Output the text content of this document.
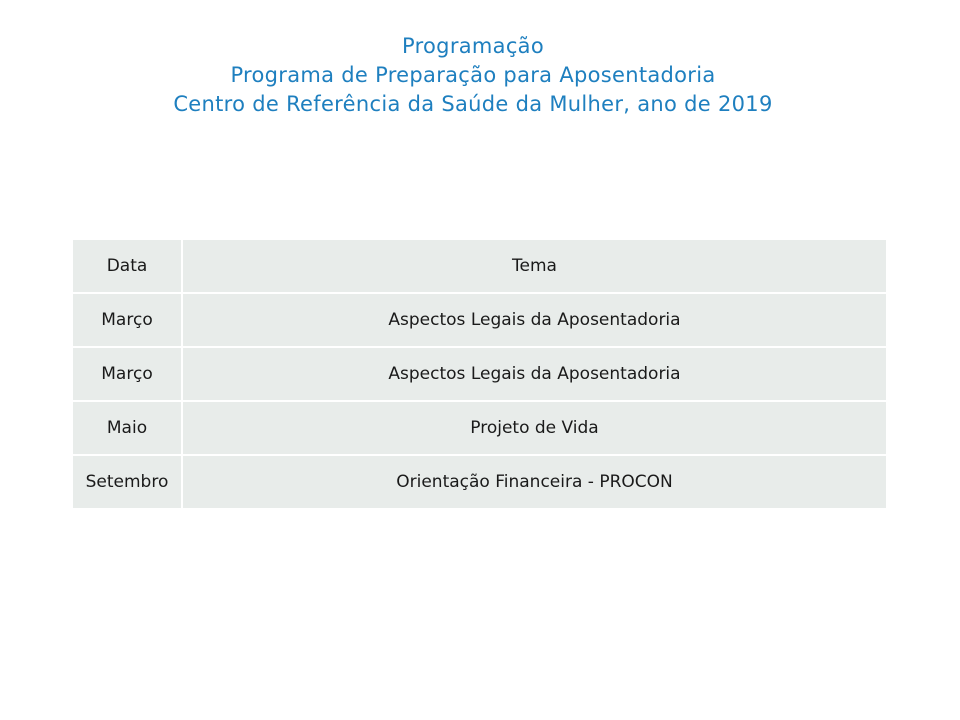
Programação
Programa de Preparação para Aposentadoria
Centro de Referência da Saúde da Mulher, ano de 2019
Data	Tema
Março	Aspectos Legais da Aposentadoria
Março	Aspectos Legais da Aposentadoria
Maio	Projeto de Vida
Setembro	Orientação Financeira - PROCON
